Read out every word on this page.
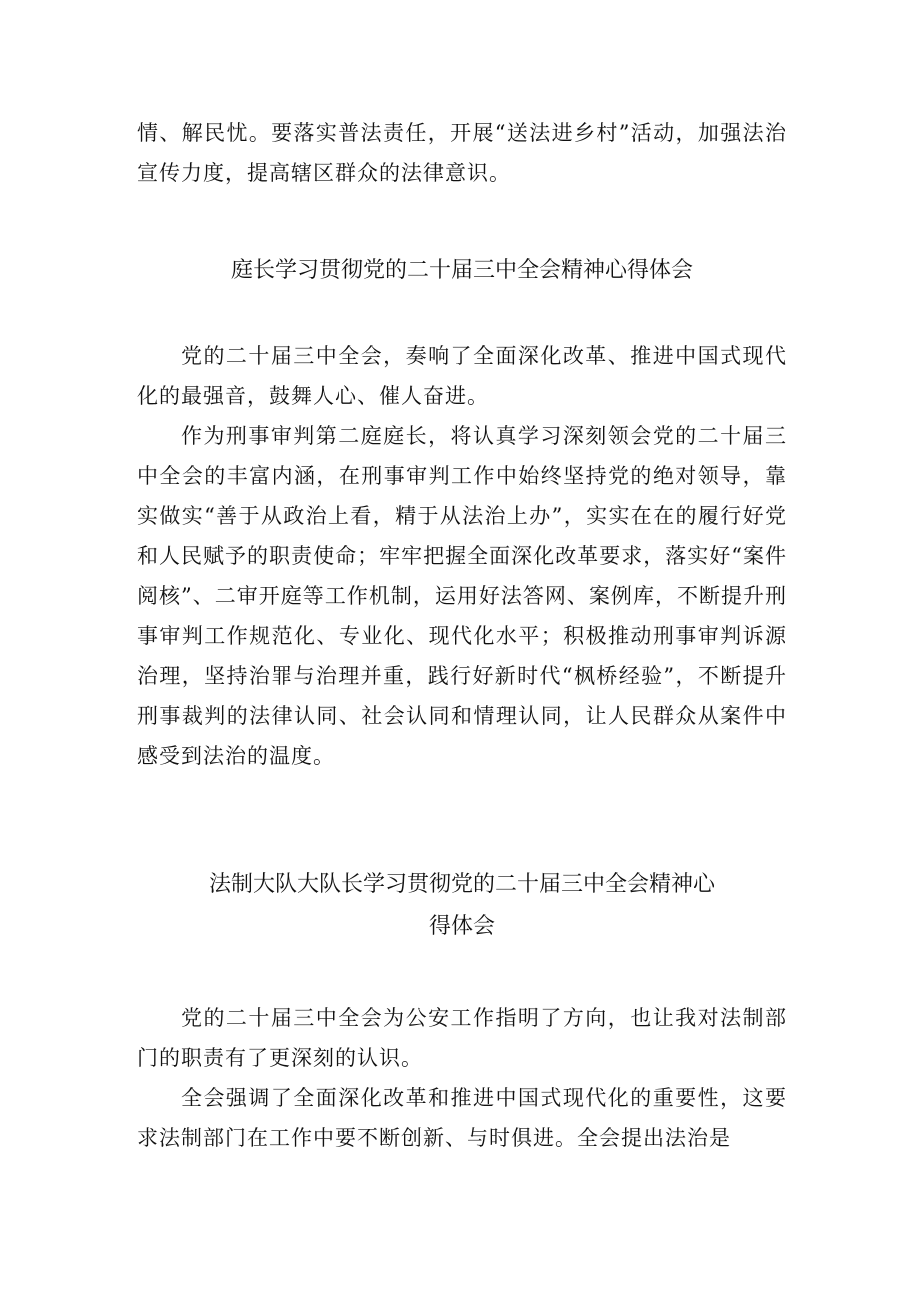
情、解民忧。要落实普法责任，开展“送法进乡村”活动，加强法治宣传力度，提高辖区群众的法律意识。

庭长学习贯彻党的二十届三中全会精神心得体会

党的二十届三中全会，奏响了全面深化改革、推进中国式现代化的最强音，鼓舞人心、催人奋进。

作为刑事审判第二庭庭长，将认真学习深刻领会党的二十届三中全会的丰富内涵，在刑事审判工作中始终坚持党的绝对领导，靠实做实“善于从政治上看，精于从法治上办”，实实在在的履行好党和人民赋予的职责使命；牢牢把握全面深化改革要求，落实好“案件阅核”、二审开庭等工作机制，运用好法答网、案例库，不断提升刑事审判工作规范化、专业化、现代化水平；积极推动刑事审判诉源治理，坚持治罪与治理并重，践行好新时代“枫桥经验”，不断提升刑事裁判的法律认同、社会认同和情理认同，让人民群众从案件中感受到法治的温度。

法制大队大队长学习贯彻党的二十届三中全会精神心
得体会

党的二十届三中全会为公安工作指明了方向，也让我对法制部门的职责有了更深刻的认识。

全会强调了全面深化改革和推进中国式现代化的重要性，这要求法制部门在工作中要不断创新、与时俱进。全会提出法治是
